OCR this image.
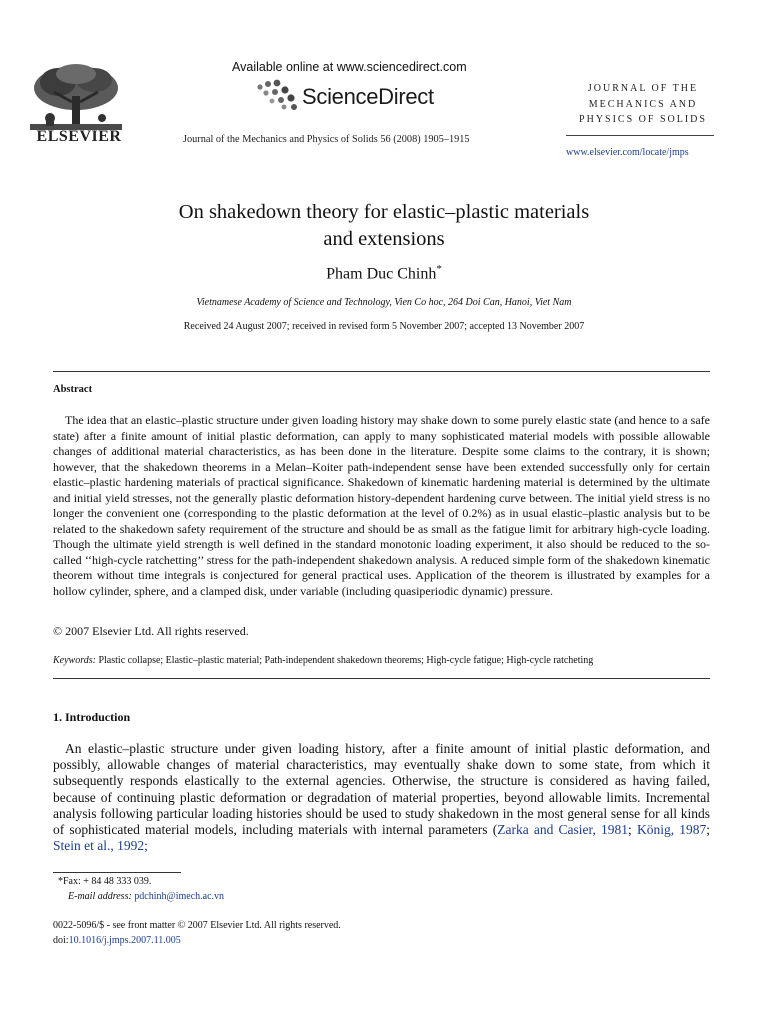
ELSEVIER
Available online at www.sciencedirect.com
ScienceDirect
Journal of the Mechanics and Physics of Solids 56 (2008) 1905–1915
JOURNAL OF THE
MECHANICS AND
PHYSICS OF SOLIDS
www.elsevier.com/locate/jmps
On shakedown theory for elastic–plastic materials
and extensions
Pham Duc Chinh*
Vietnamese Academy of Science and Technology, Vien Co hoc, 264 Doi Can, Hanoi, Viet Nam
Received 24 August 2007; received in revised form 5 November 2007; accepted 13 November 2007
Abstract

The idea that an elastic–plastic structure under given loading history may shake down to some purely elastic state (and hence to a safe state) after a finite amount of initial plastic deformation, can apply to many sophisticated material models with possible allowable changes of additional material characteristics, as has been done in the literature. Despite some claims to the contrary, it is shown; however, that the shakedown theorems in a Melan–Koiter path-independent sense have been extended successfully only for certain elastic–plastic hardening materials of practical significance. Shakedown of kinematic hardening material is determined by the ultimate and initial yield stresses, not the generally plastic deformation history-dependent hardening curve between. The initial yield stress is no longer the convenient one (corresponding to the plastic deformation at the level of 0.2%) as in usual elastic–plastic analysis but to be related to the shakedown safety requirement of the structure and should be as small as the fatigue limit for arbitrary high-cycle loading. Though the ultimate yield strength is well defined in the standard monotonic loading experiment, it also should be reduced to the so-called ‘‘high-cycle ratchetting’’ stress for the path-independent shakedown analysis. A reduced simple form of the shakedown kinematic theorem without time integrals is conjectured for general practical uses. Application of the theorem is illustrated by examples for a hollow cylinder, sphere, and a clamped disk, under variable (including quasiperiodic dynamic) pressure.

© 2007 Elsevier Ltd. All rights reserved.
Keywords: Plastic collapse; Elastic–plastic material; Path-independent shakedown theorems; High-cycle fatigue; High-cycle ratcheting
1. Introduction
An elastic–plastic structure under given loading history, after a finite amount of initial plastic deformation, and possibly, allowable changes of material characteristics, may eventually shake down to some state, from which it subsequently responds elastically to the external agencies. Otherwise, the structure is considered as having failed, because of continuing plastic deformation or degradation of material properties, beyond allowable limits. Incremental analysis following particular loading histories should be used to study shakedown in the most general sense for all kinds of sophisticated material models, including materials with internal parameters (Zarka and Casier, 1981; König, 1987; Stein et al., 1992;
*Fax: + 84 48 333 039.
E-mail address: pdchinh@imech.ac.vn
0022-5096/$ - see front matter © 2007 Elsevier Ltd. All rights reserved.
doi:10.1016/j.jmps.2007.11.005
